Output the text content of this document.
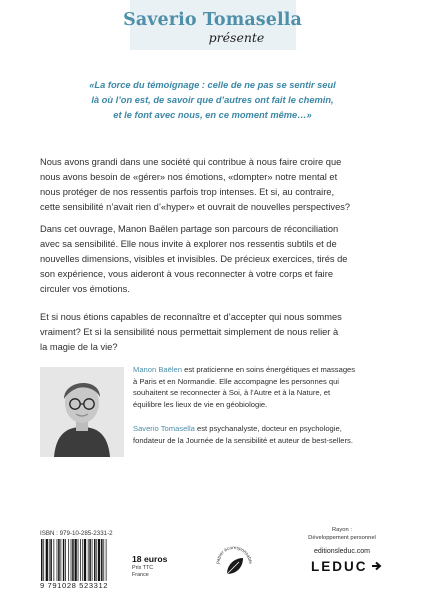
Saverio Tomasella
présente
«La force du témoignage : celle de ne pas se sentir seul
là où l’on est, de savoir que d’autres ont fait le chemin,
et le font avec nous, en ce moment même…»
Nous avons grandi dans une société qui contribue à nous faire croire que
nous avons besoin de «gérer» nos émotions, «dompter» notre mental et
nous protéger de nos ressentis parfois trop intenses. Et si, au contraire,
cette sensibilité n’avait rien d’«hyper» et ouvrait de nouvelles perspectives?
Dans cet ouvrage, Manon Baëlen partage son parcours de réconciliation
avec sa sensibilité. Elle nous invite à explorer nos ressentis subtils et de
nouvelles dimensions, visibles et invisibles. De précieux exercices, tirés de
son expérience, vous aideront à vous reconnecter à votre corps et faire
circuler vos émotions.
Et si nous étions capables de reconnaître et d’accepter qui nous sommes
vraiment? Et si la sensibilité nous permettait simplement de nous relier à
la magie de la vie?
Manon Baëlen est praticienne en soins énergétiques et massages
à Paris et en Normandie. Elle accompagne les personnes qui
souhaitent se reconnecter à Soi, à l’Autre et à la Nature, et
équilibre les lieux de vie en géobiologie.
Saverio Tomasella est psychanalyste, docteur en psychologie,
fondateur de la Journée de la sensibilité et auteur de best-sellers.
ISBN : 979-10-285-2331-2
9 791028 523312
18 euros
Prix TTC
France
papier écoresponsable
Rayon :
Développement personnel
editionsleduc.com
LEDUC
